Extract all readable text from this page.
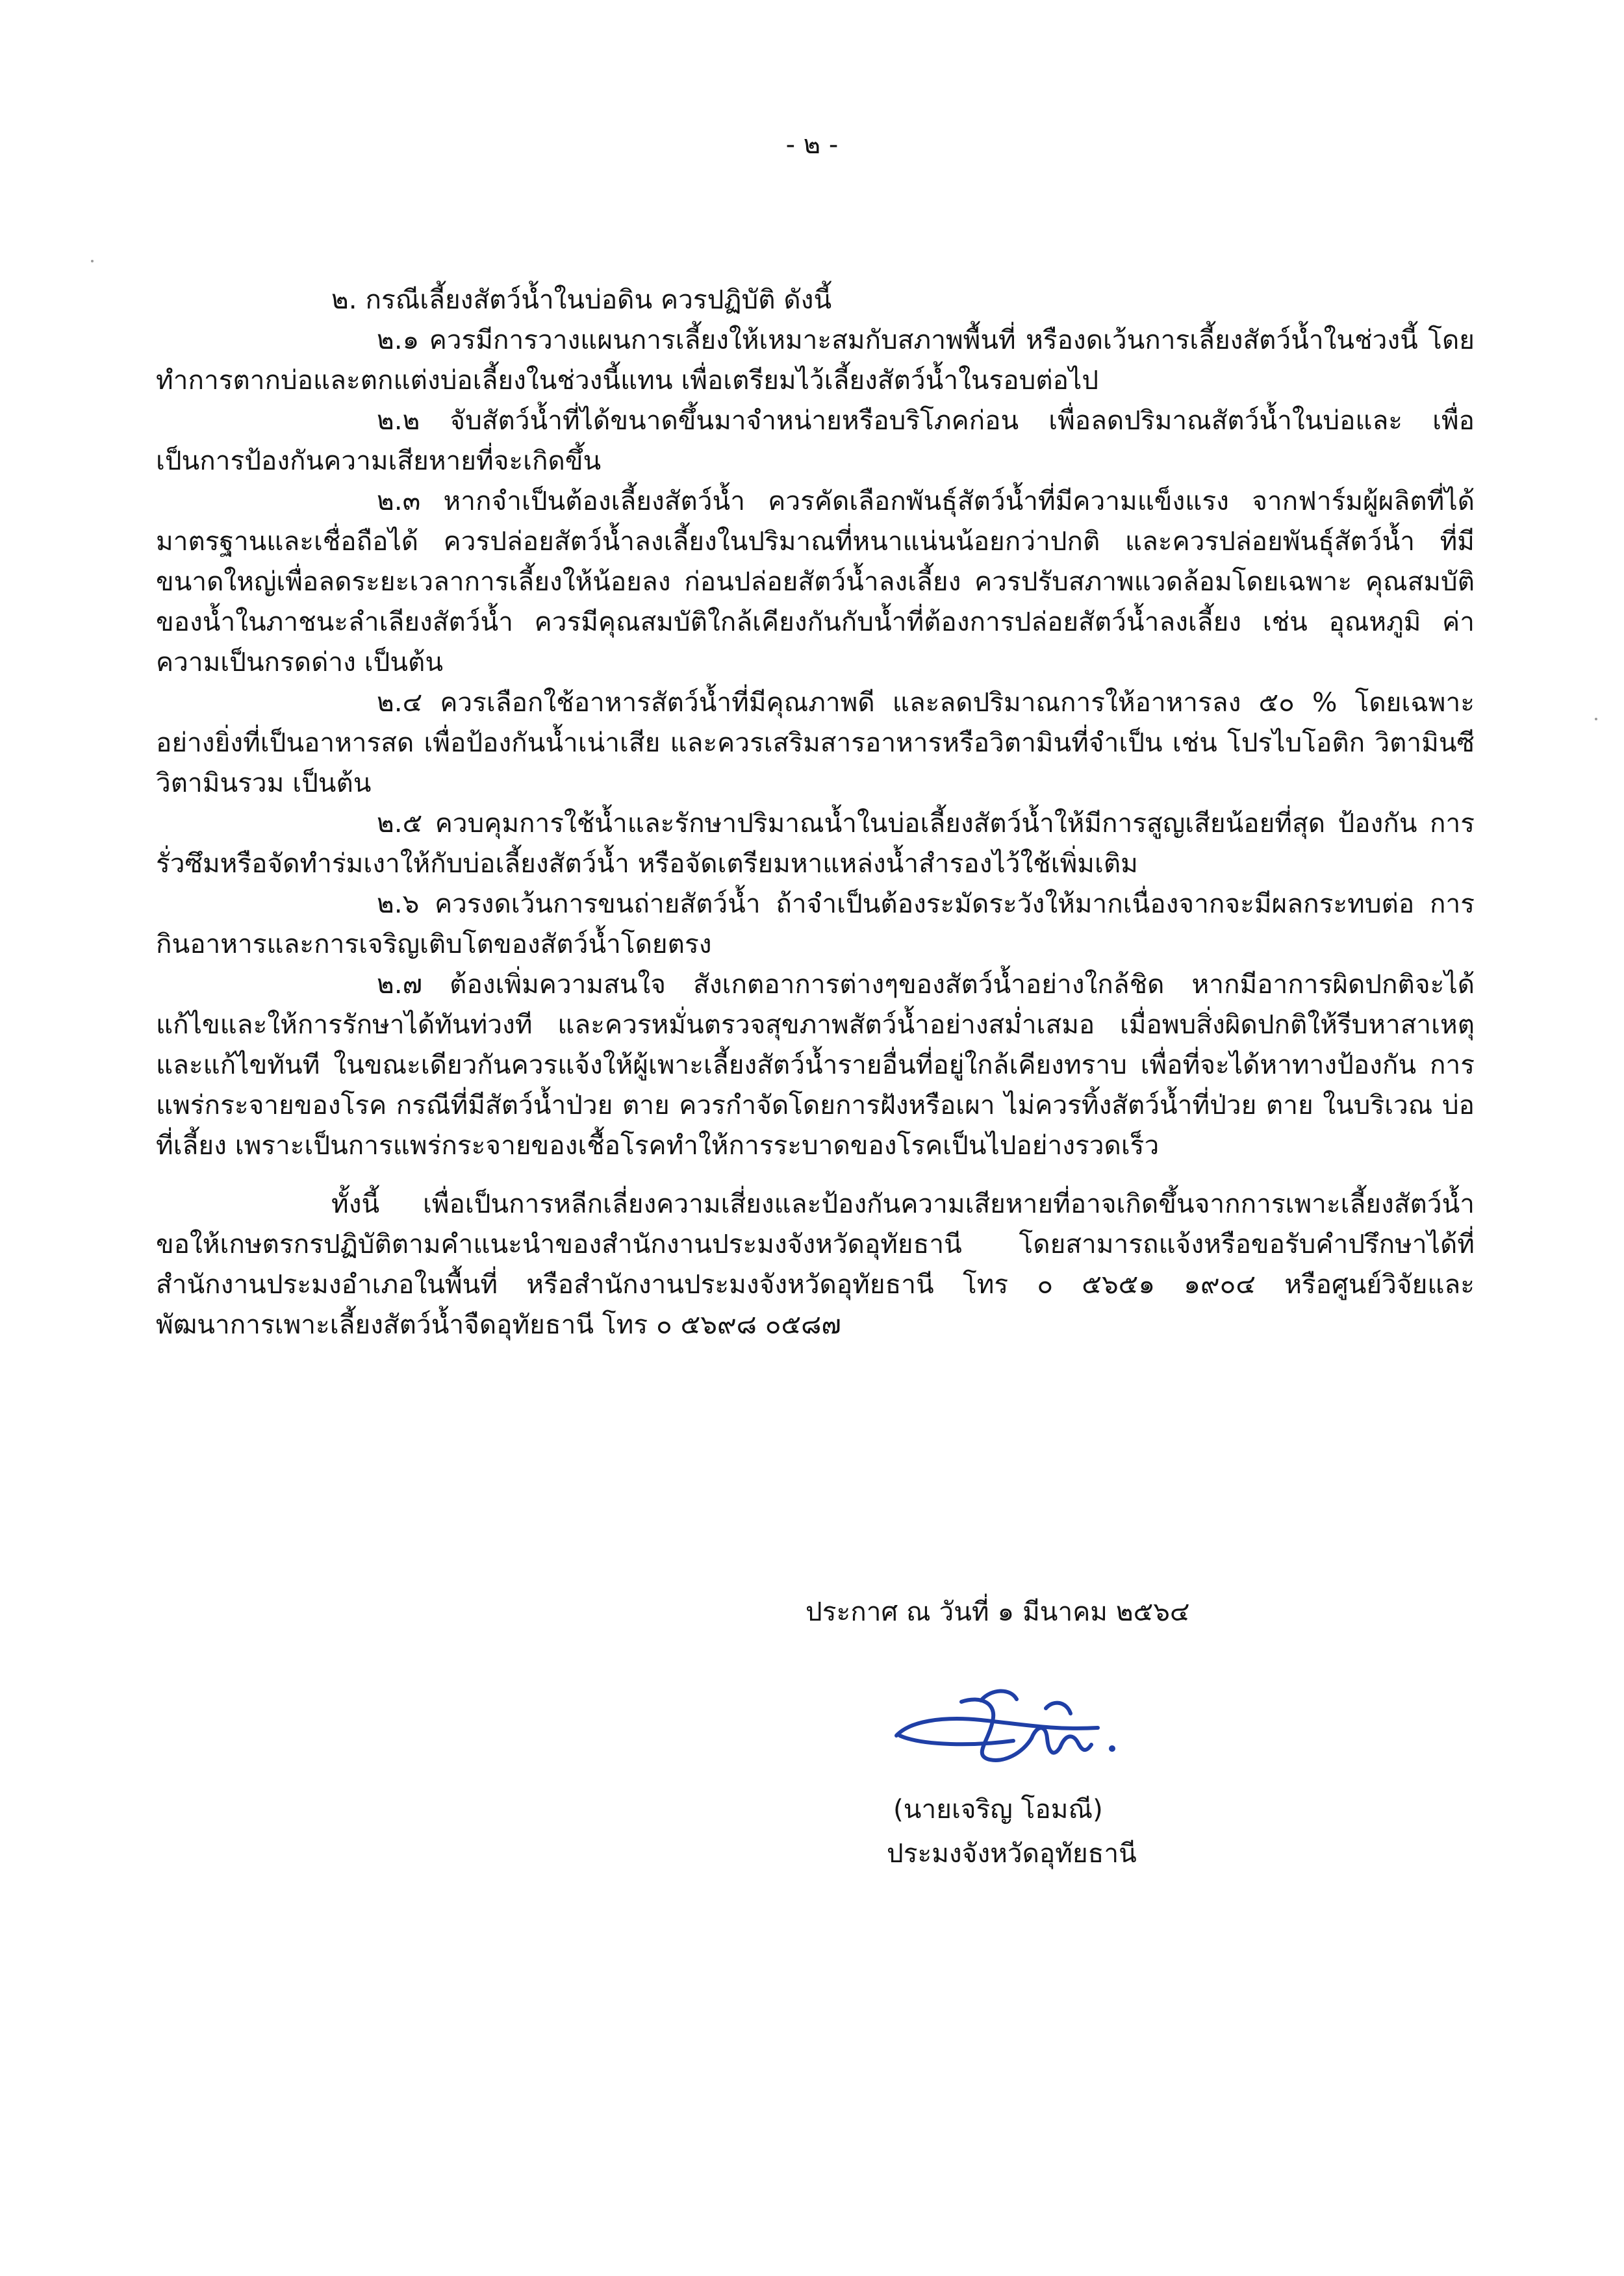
- ๒ -

๒. กรณีเลี้ยงสัตว์น้ำในบ่อดิน ควรปฏิบัติ ดังนี้

๒.๑ ควรมีการวางแผนการเลี้ยงให้เหมาะสมกับสภาพพื้นที่ หรืองดเว้นการเลี้ยงสัตว์น้ำในช่วงนี้ โดยทำการตากบ่อและตกแต่งบ่อเลี้ยงในช่วงนี้แทน เพื่อเตรียมไว้เลี้ยงสัตว์น้ำในรอบต่อไป

๒.๒ จับสัตว์น้ำที่ได้ขนาดขึ้นมาจำหน่ายหรือบริโภคก่อน เพื่อลดปริมาณสัตว์น้ำในบ่อและ เพื่อเป็นการป้องกันความเสียหายที่จะเกิดขึ้น

๒.๓ หากจำเป็นต้องเลี้ยงสัตว์น้ำ ควรคัดเลือกพันธุ์สัตว์น้ำที่มีความแข็งแรง จากฟาร์มผู้ผลิตที่ได้ มาตรฐานและเชื่อถือได้ ควรปล่อยสัตว์น้ำลงเลี้ยงในปริมาณที่หนาแน่นน้อยกว่าปกติ และควรปล่อยพันธุ์สัตว์น้ำ ที่มีขนาดใหญ่เพื่อลดระยะเวลาการเลี้ยงให้น้อยลง ก่อนปล่อยสัตว์น้ำลงเลี้ยง ควรปรับสภาพแวดล้อมโดยเฉพาะ คุณสมบัติของน้ำในภาชนะลำเลียงสัตว์น้ำ ควรมีคุณสมบัติใกล้เคียงกันกับน้ำที่ต้องการปล่อยสัตว์น้ำลงเลี้ยง เช่น อุณหภูมิ ค่าความเป็นกรดด่าง เป็นต้น

๒.๔ ควรเลือกใช้อาหารสัตว์น้ำที่มีคุณภาพดี และลดปริมาณการให้อาหารลง ๕๐ % โดยเฉพาะ อย่างยิ่งที่เป็นอาหารสด เพื่อป้องกันน้ำเน่าเสีย และควรเสริมสารอาหารหรือวิตามินที่จำเป็น เช่น โปรไบโอติก วิตามินซี วิตามินรวม เป็นต้น

๒.๕ ควบคุมการใช้น้ำและรักษาปริมาณน้ำในบ่อเลี้ยงสัตว์น้ำให้มีการสูญเสียน้อยที่สุด ป้องกัน การรั่วซึมหรือจัดทำร่มเงาให้กับบ่อเลี้ยงสัตว์น้ำ หรือจัดเตรียมหาแหล่งน้ำสำรองไว้ใช้เพิ่มเติม

๒.๖ ควรงดเว้นการขนถ่ายสัตว์น้ำ ถ้าจำเป็นต้องระมัดระวังให้มากเนื่องจากจะมีผลกระทบต่อ การกินอาหารและการเจริญเติบโตของสัตว์น้ำโดยตรง

๒.๗ ต้องเพิ่มความสนใจ สังเกตอาการต่างๆของสัตว์น้ำอย่างใกล้ชิด หากมีอาการผิดปกติจะได้ แก้ไขและให้การรักษาได้ทันท่วงที และควรหมั่นตรวจสุขภาพสัตว์น้ำอย่างสม่ำเสมอ เมื่อพบสิ่งผิดปกติให้รีบหาสาเหตุ และแก้ไขทันที ในขณะเดียวกันควรแจ้งให้ผู้เพาะเลี้ยงสัตว์น้ำรายอื่นที่อยู่ใกล้เคียงทราบ เพื่อที่จะได้หาทางป้องกัน การแพร่กระจายของโรค กรณีที่มีสัตว์น้ำป่วย ตาย ควรกำจัดโดยการฝังหรือเผา ไม่ควรทิ้งสัตว์น้ำที่ป่วย ตาย ในบริเวณ บ่อที่เลี้ยง เพราะเป็นการแพร่กระจายของเชื้อโรคทำให้การระบาดของโรคเป็นไปอย่างรวดเร็ว

ทั้งนี้ เพื่อเป็นการหลีกเลี่ยงความเสี่ยงและป้องกันความเสียหายที่อาจเกิดขึ้นจากการเพาะเลี้ยงสัตว์น้ำ ขอให้เกษตรกรปฏิบัติตามคำแนะนำของสำนักงานประมงจังหวัดอุทัยธานี โดยสามารถแจ้งหรือขอรับคำปรึกษาได้ที่ สำนักงานประมงอำเภอในพื้นที่ หรือสำนักงานประมงจังหวัดอุทัยธานี โทร ๐ ๕๖๕๑ ๑๙๐๔ หรือศูนย์วิจัยและ พัฒนาการเพาะเลี้ยงสัตว์น้ำจืดอุทัยธานี โทร ๐ ๕๖๙๘ ๐๕๘๗

ประกาศ ณ วันที่ ๑ มีนาคม ๒๕๖๔
(นายเจริญ โอมณี)
ประมงจังหวัดอุทัยธานี
